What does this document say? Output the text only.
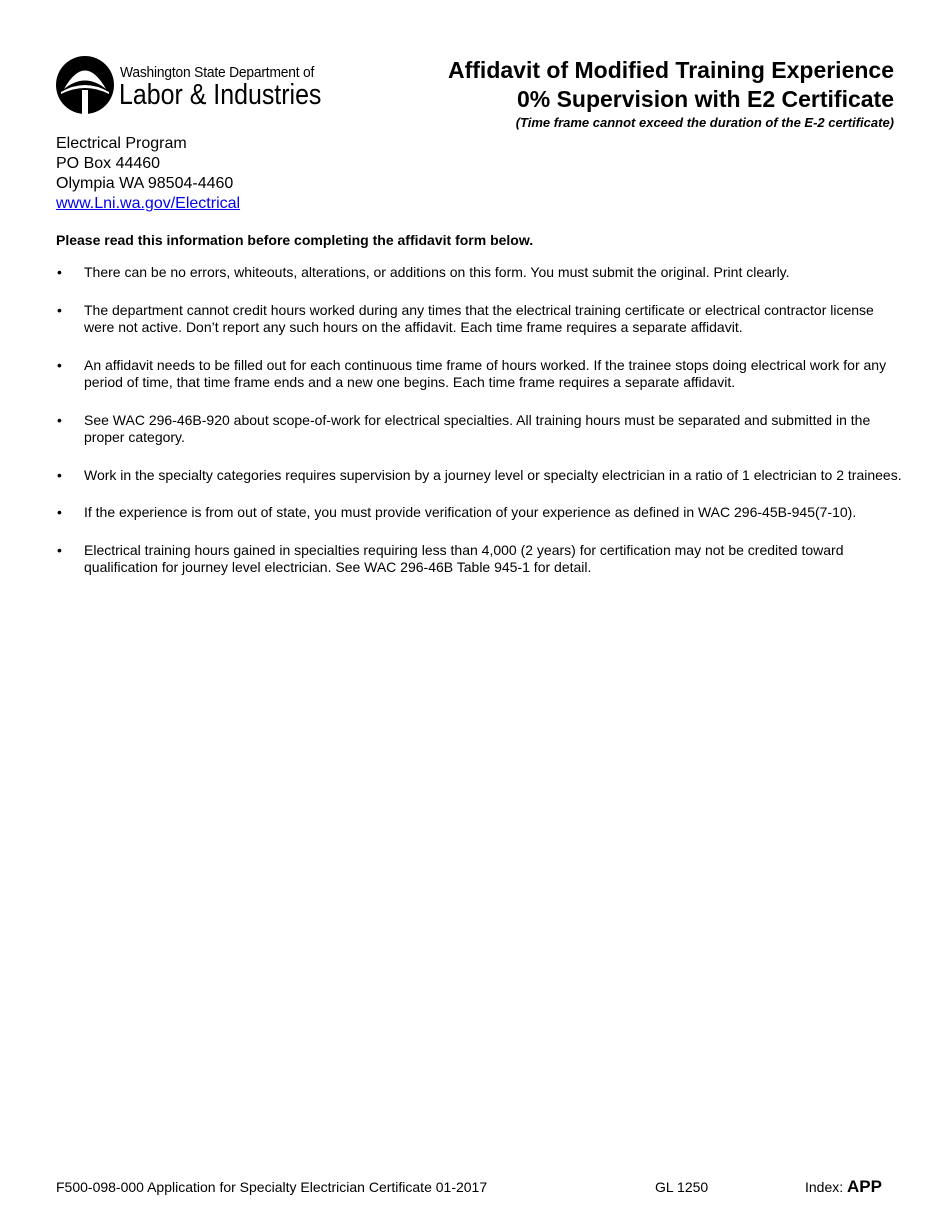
Washington State Department of
Labor & Industries
Affidavit of Modified Training Experience
0% Supervision with E2 Certificate
(Time frame cannot exceed the duration of the E-2 certificate)
Electrical Program
PO Box 44460
Olympia WA 98504-4460
www.Lni.wa.gov/Electrical
Please read this information before completing the affidavit form below.
• There can be no errors, whiteouts, alterations, or additions on this form. You must submit the original. Print clearly.
• The department cannot credit hours worked during any times that the electrical training certificate or electrical contractor license were not active. Don’t report any such hours on the affidavit. Each time frame requires a separate affidavit.
• An affidavit needs to be filled out for each continuous time frame of hours worked. If the trainee stops doing electrical work for any period of time, that time frame ends and a new one begins. Each time frame requires a separate affidavit.
• See WAC 296-46B-920 about scope-of-work for electrical specialties. All training hours must be separated and submitted in the proper category.
• Work in the specialty categories requires supervision by a journey level or specialty electrician in a ratio of 1 electrician to 2 trainees.
• If the experience is from out of state, you must provide verification of your experience as defined in WAC 296-45B-945(7-10).
• Electrical training hours gained in specialties requiring less than 4,000 (2 years) for certification may not be credited toward qualification for journey level electrician. See WAC 296-46B Table 945-1 for detail.
F500-098-000 Application for Specialty Electrician Certificate 01-2017	GL 1250	Index: APP
